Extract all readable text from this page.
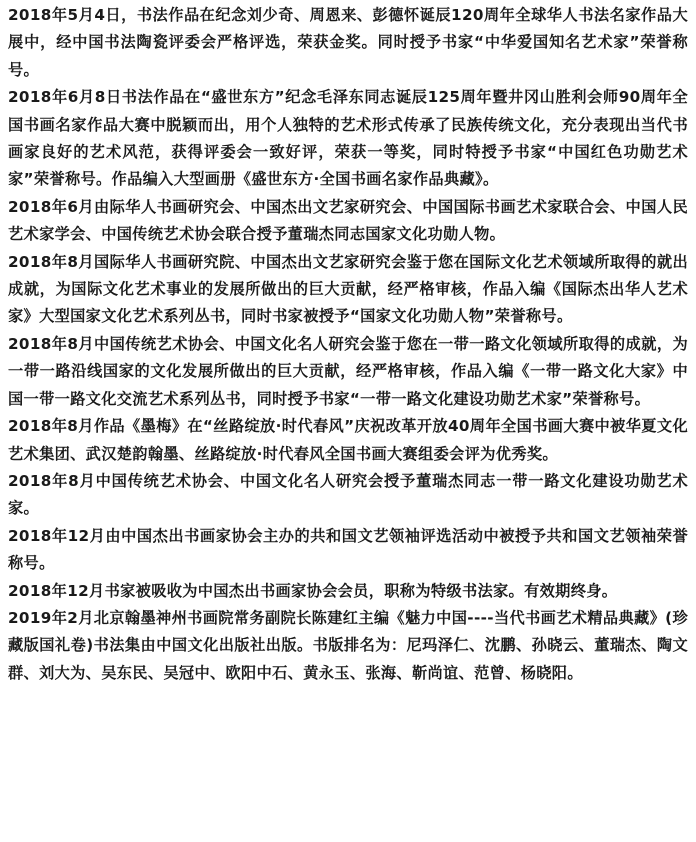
2018年5月4日，书法作品在纪念刘少奇、周恩来、彭德怀诞辰120周年全球华人书法名家作品大展中，经中国书法陶瓷评委会严格评选，荣获金奖。同时授予书家“中华爱国知名艺术家”荣誉称号。

2018年6月8日书法作品在“盛世东方”纪念毛泽东同志诞辰125周年暨井冈山胜利会师90周年全国书画名家作品大赛中脱颖而出，用个人独特的艺术形式传承了民族传统文化，充分表现出当代书画家良好的艺术风范，获得评委会一致好评，荣获一等奖，同时特授予书家“中国红色功勋艺术家”荣誉称号。作品编入大型画册《盛世东方·全国书画名家作品典藏》。

2018年6月由际华人书画研究会、中国杰出文艺家研究会、中国国际书画艺术家联合会、中国人民艺术家学会、中国传统艺术协会联合授予董瑞杰同志国家文化功勋人物。

2018年8月国际华人书画研究院、中国杰出文艺家研究会鉴于您在国际文化艺术领域所取得的就出成就，为国际文化艺术事业的发展所做出的巨大贡献，经严格审核，作品入编《国际杰出华人艺术家》大型国家文化艺术系列丛书，同时书家被授予“国家文化功勋人物”荣誉称号。

2018年8月中国传统艺术协会、中国文化名人研究会鉴于您在一带一路文化领域所取得的成就，为一带一路沿线国家的文化发展所做出的巨大贡献，经严格审核，作品入编《一带一路文化大家》中国一带一路文化交流艺术系列丛书，同时授予书家“一带一路文化建设功勋艺术家”荣誉称号。

2018年8月作品《墨梅》在“丝路绽放·时代春风”庆祝改革开放40周年全国书画大赛中被华夏文化艺术集团、武汉楚韵翰墨、丝路绽放·时代春风全国书画大赛组委会评为优秀奖。

2018年8月中国传统艺术协会、中国文化名人研究会授予董瑞杰同志一带一路文化建设功勋艺术家。

2018年12月由中国杰出书画家协会主办的共和国文艺领袖评选活动中被授予共和国文艺领袖荣誉称号。

2018年12月书家被吸收为中国杰出书画家协会会员，职称为特级书法家。有效期终身。

2019年2月北京翰墨神州书画院常务副院长陈建红主编《魅力中国----当代书画艺术精品典藏》(珍藏版国礼卷)书法集由中国文化出版社出版。书版排名为：尼玛泽仁、沈鹏、孙晓云、董瑞杰、陶文群、刘大为、吴东民、吴冠中、欧阳中石、黄永玉、张海、靳尚谊、范曾、杨晓阳。
